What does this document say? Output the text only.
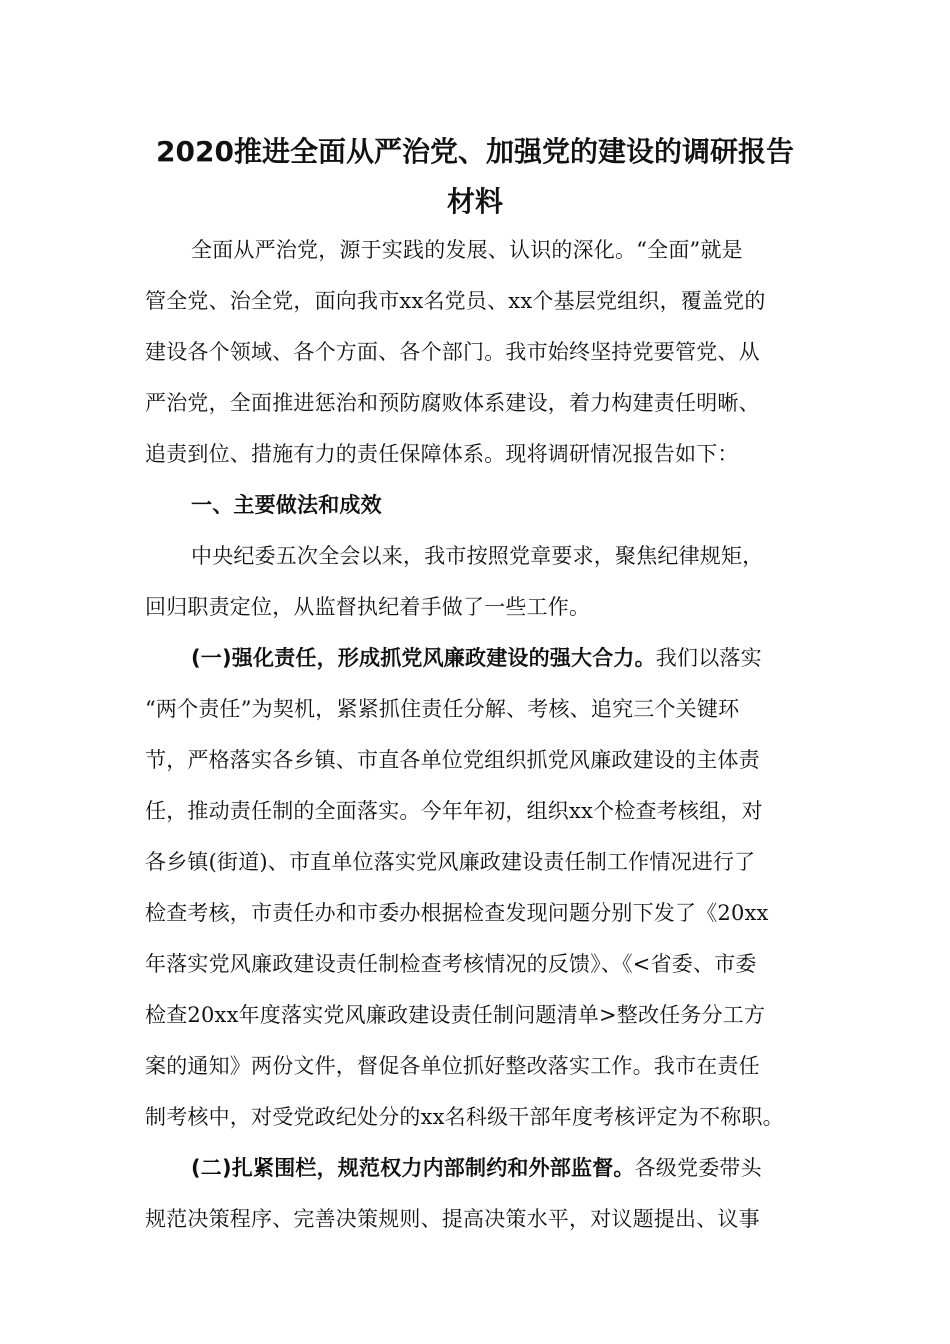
2020推进全面从严治党、加强党的建设的调研报告
材料
全面从严治党，源于实践的发展、认识的深化。“全面”就是
管全党、治全党，面向我市xx名党员、xx个基层党组织，覆盖党的
建设各个领域、各个方面、各个部门。我市始终坚持党要管党、从
严治党，全面推进惩治和预防腐败体系建设，着力构建责任明晰、
追责到位、措施有力的责任保障体系。现将调研情况报告如下：
一、主要做法和成效
中央纪委五次全会以来，我市按照党章要求，聚焦纪律规矩，
回归职责定位，从监督执纪着手做了一些工作。
(一)强化责任，形成抓党风廉政建设的强大合力。我们以落实
“两个责任”为契机，紧紧抓住责任分解、考核、追究三个关键环
节，严格落实各乡镇、市直各单位党组织抓党风廉政建设的主体责
任，推动责任制的全面落实。今年年初，组织xx个检查考核组，对
各乡镇(街道)、市直单位落实党风廉政建设责任制工作情况进行了
检查考核，市责任办和市委办根据检查发现问题分别下发了《20xx
年落实党风廉政建设责任制检查考核情况的反馈》、《<省委、市委
检查20xx年度落实党风廉政建设责任制问题清单>整改任务分工方
案的通知》两份文件，督促各单位抓好整改落实工作。我市在责任
制考核中，对受党政纪处分的xx名科级干部年度考核评定为不称职。
(二)扎紧围栏，规范权力内部制约和外部监督。各级党委带头
规范决策程序、完善决策规则、提高决策水平，对议题提出、议事
